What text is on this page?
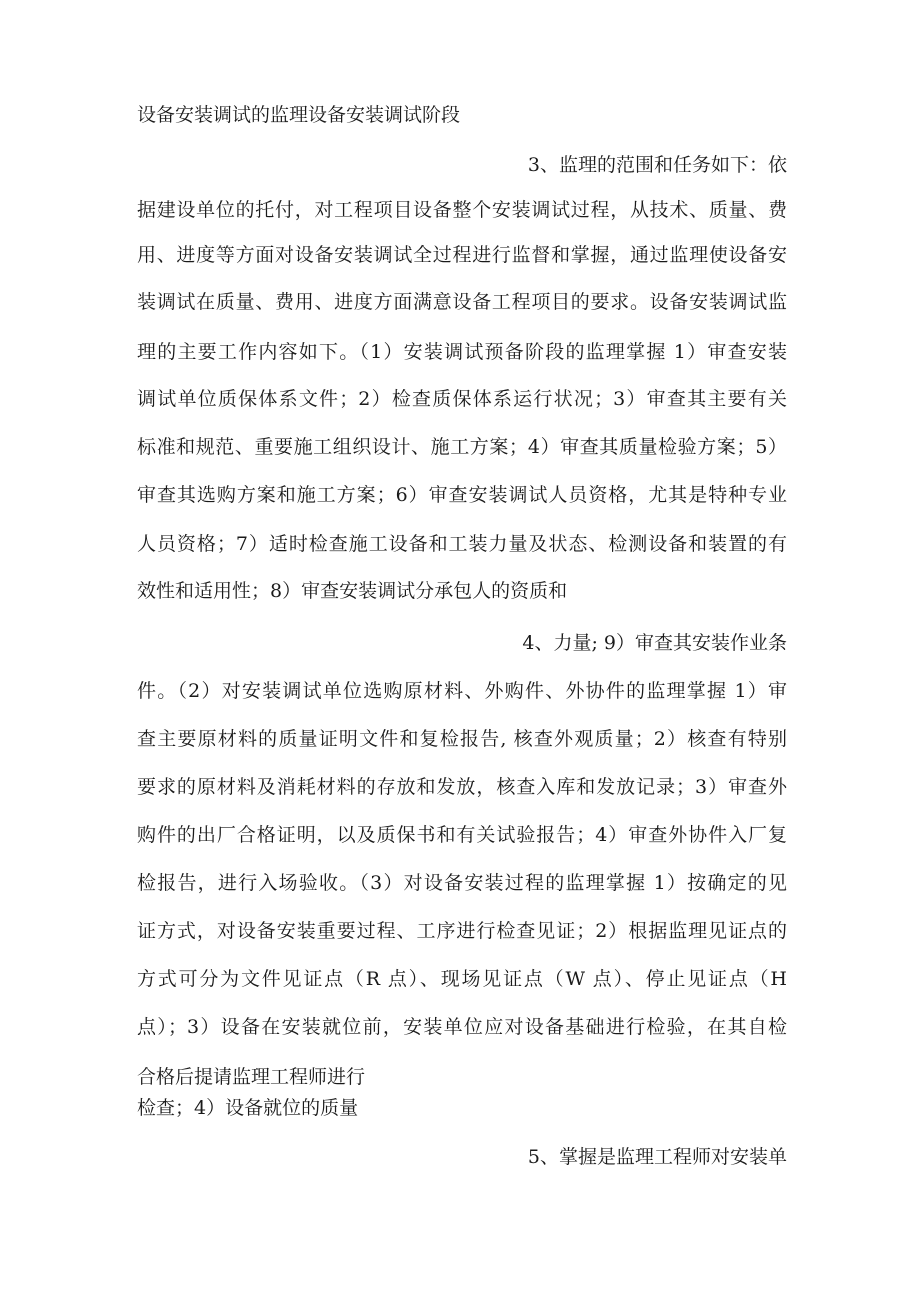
设备安装调试的监理设备安装调试阶段

3、监理的范围和任务如下：依

据建设单位的托付，对工程项目设备整个安装调试过程，从技术、质量、费

用、进度等方面对设备安装调试全过程进行监督和掌握，通过监理使设备安

装调试在质量、费用、进度方面满意设备工程项目的要求。设备安装调试监

理的主要工作内容如下。（1）安装调试预备阶段的监理掌握 1）审查安装

调试单位质保体系文件；2）检查质保体系运行状况；3）审查其主要有关

标准和规范、重要施工组织设计、施工方案；4）审查其质量检验方案；5）

审查其选购方案和施工方案；6）审查安装调试人员资格，尤其是特种专业

人员资格；7）适时检查施工设备和工装力量及状态、检测设备和装置的有

效性和适用性；8）审查安装调试分承包人的资质和

4、力量; 9）审查其安装作业条

件。（2）对安装调试单位选购原材料、外购件、外协件的监理掌握 1）审

查主要原材料的质量证明文件和复检报告, 核查外观质量；2）核查有特别

要求的原材料及消耗材料的存放和发放，核查入库和发放记录；3）审查外

购件的出厂合格证明，以及质保书和有关试验报告；4）审查外协件入厂复

检报告，进行入场验收。（3）对设备安装过程的监理掌握 1）按确定的见

证方式，对设备安装重要过程、工序进行检查见证；2）根据监理见证点的

方式可分为文件见证点（R 点）、现场见证点（W 点）、停止见证点（H

点）；3）设备在安装就位前，安装单位应对设备基础进行检验，在其自检

合格后提请监理工程师进行

检查；4）设备就位的质量

5、掌握是监理工程师对安装单
